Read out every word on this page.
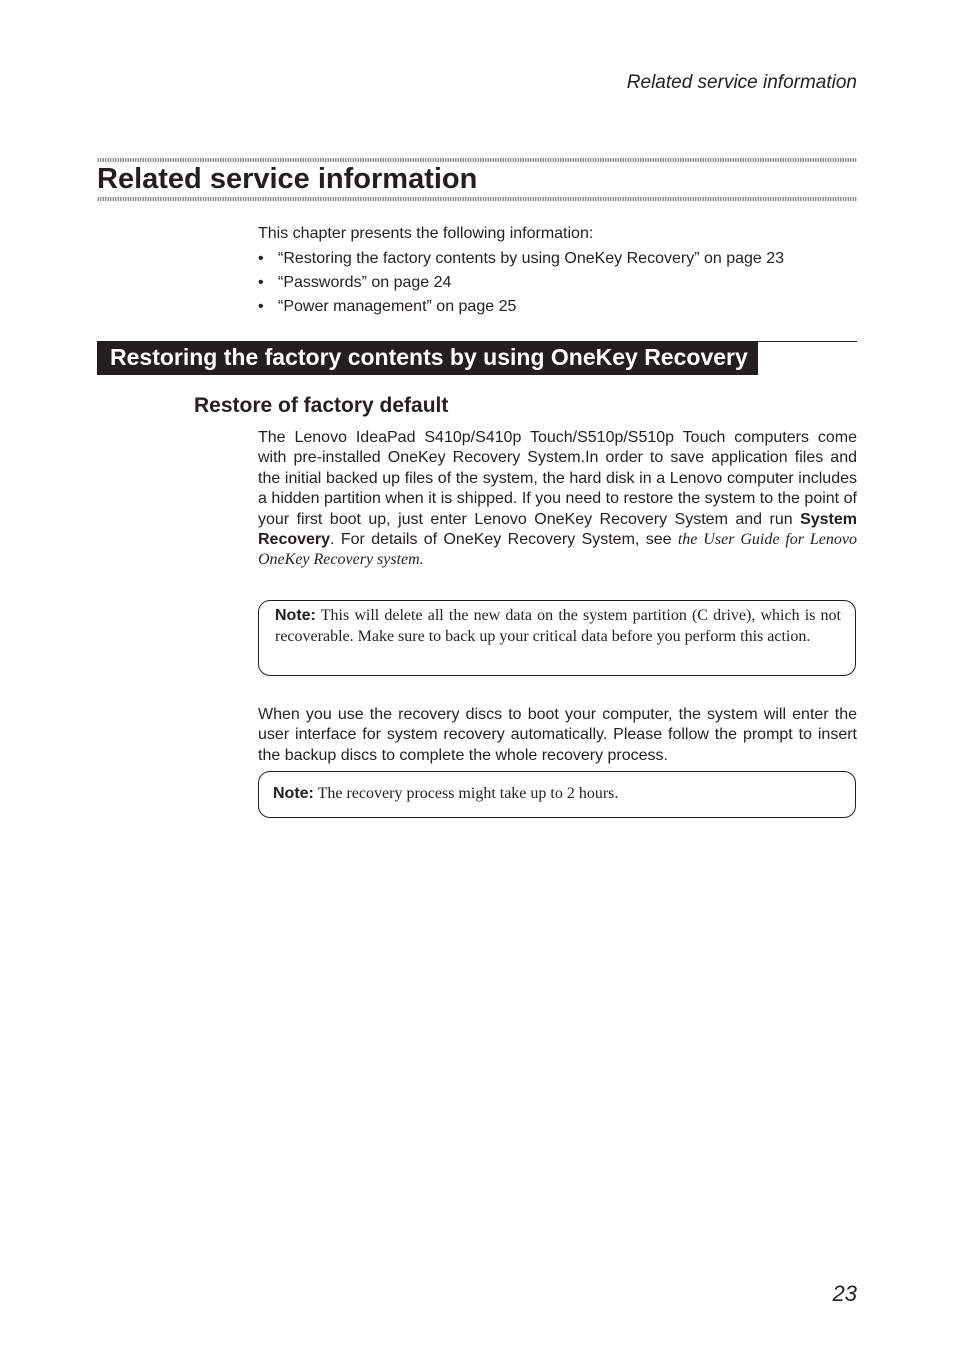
Related service information
Related service information

This chapter presents the following information:

• “Restoring the factory contents by using OneKey Recovery” on page 23
• “Passwords” on page 24
• “Power management” on page 25
Restoring the factory contents by using OneKey Recovery
Restore of factory default

The Lenovo IdeaPad S410p/S410p Touch/S510p/S510p Touch computers come with pre-installed OneKey Recovery System.In order to save application files and the initial backed up files of the system, the hard disk in a Lenovo computer includes a hidden partition when it is shipped. If you need to restore the system to the point of your first boot up, just enter Lenovo OneKey Recovery System and run System Recovery. For details of OneKey Recovery System, see the User Guide for Lenovo OneKey Recovery system.

Note: This will delete all the new data on the system partition (C drive), which is not recoverable. Make sure to back up your critical data before you perform this action.

When you use the recovery discs to boot your computer, the system will enter the user interface for system recovery automatically. Please follow the prompt to insert the backup discs to complete the whole recovery process.

Note: The recovery process might take up to 2 hours.
23
